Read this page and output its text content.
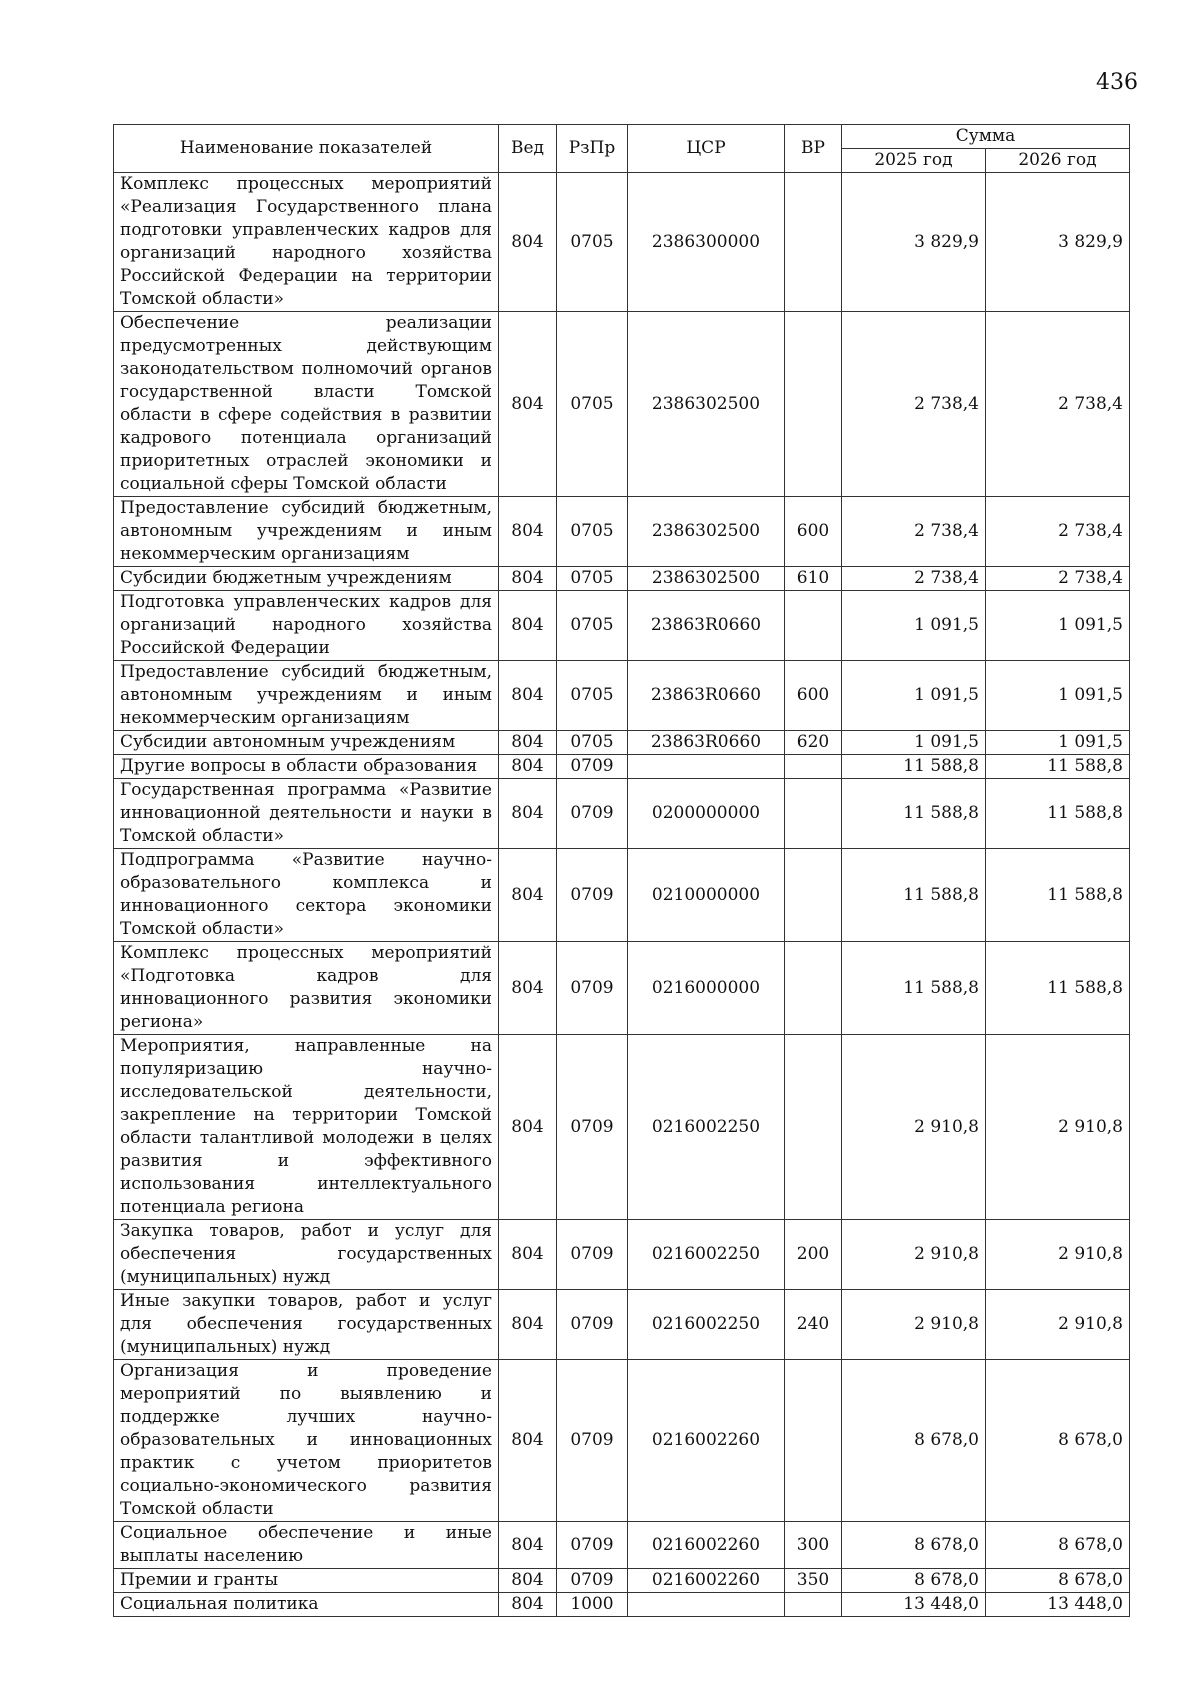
436
Наименование показателей	Вед	РзПр	ЦСР	ВР	Сумма	
					2025 год	2026 год
Комплекс процессных мероприятий «Реализация Государственного плана подготовки управленческих кадров для организаций народного хозяйства Российской Федерации на территории Томской области»	804	0705	2386300000		3 829,9	3 829,9
Обеспечение реализации предусмотренных действующим законодательством полномочий органов государственной власти Томской области в сфере содействия в развитии кадрового потенциала организаций приоритетных отраслей экономики и социальной сферы Томской области	804	0705	2386302500		2 738,4	2 738,4
Предоставление субсидий бюджетным, автономным учреждениям и иным некоммерческим организациям	804	0705	2386302500	600	2 738,4	2 738,4
Субсидии бюджетным учреждениям	804	0705	2386302500	610	2 738,4	2 738,4
Подготовка управленческих кадров для организаций народного хозяйства Российской Федерации	804	0705	23863R0660		1 091,5	1 091,5
Предоставление субсидий бюджетным, автономным учреждениям и иным некоммерческим организациям	804	0705	23863R0660	600	1 091,5	1 091,5
Субсидии автономным учреждениям	804	0705	23863R0660	620	1 091,5	1 091,5
Другие вопросы в области образования	804	0709			11 588,8	11 588,8
Государственная программа «Развитие инновационной деятельности и науки в Томской области»	804	0709	0200000000		11 588,8	11 588,8
Подпрограмма «Развитие научно-образовательного комплекса и инновационного сектора экономики Томской области»	804	0709	0210000000		11 588,8	11 588,8
Комплекс процессных мероприятий «Подготовка кадров для инновационного развития экономики региона»	804	0709	0216000000		11 588,8	11 588,8
Мероприятия, направленные на популяризацию научно-исследовательской деятельности, закрепление на территории Томской области талантливой молодежи в целях развития и эффективного использования интеллектуального потенциала региона	804	0709	0216002250		2 910,8	2 910,8
Закупка товаров, работ и услуг для обеспечения государственных (муниципальных) нужд	804	0709	0216002250	200	2 910,8	2 910,8
Иные закупки товаров, работ и услуг для обеспечения государственных (муниципальных) нужд	804	0709	0216002250	240	2 910,8	2 910,8
Организация и проведение мероприятий по выявлению и поддержке лучших научно-образовательных и инновационных практик с учетом приоритетов социально-экономического развития Томской области	804	0709	0216002260		8 678,0	8 678,0
Социальное обеспечение и иные выплаты населению	804	0709	0216002260	300	8 678,0	8 678,0
Премии и гранты	804	0709	0216002260	350	8 678,0	8 678,0
Социальная политика	804	1000			13 448,0	13 448,0
